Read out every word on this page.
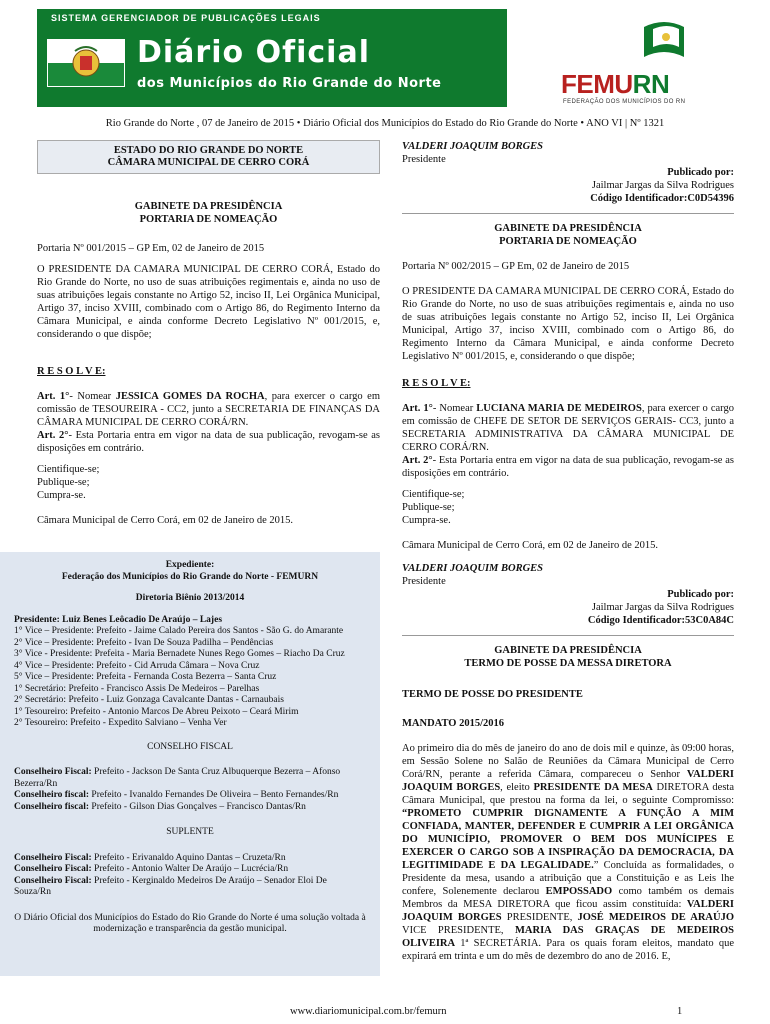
SISTEMA GERENCIADOR DE PUBLICAÇÕES LEGAIS
Diário Oficial
dos Municípios do Rio Grande do Norte	FEMURN
FEDERAÇÃO DOS MUNICÍPIOS DO RN
Rio Grande do Norte , 07 de Janeiro de 2015 • Diário Oficial dos Municípios do Estado do Rio Grande do Norte • ANO VI | Nº 1321
ESTADO DO RIO GRANDE DO NORTE
CÂMARA MUNICIPAL DE CERRO CORÁ
GABINETE DA PRESIDÊNCIA
PORTARIA DE NOMEAÇÃO

Portaria Nº 001/2015 – GP Em, 02 de Janeiro de 2015

O PRESIDENTE DA CAMARA MUNICIPAL DE CERRO CORÁ, Estado do Rio Grande do Norte, no uso de suas atribuições regimentais e, ainda no uso de suas atribuições legais constante no Artigo 52, inciso II, Lei Orgânica Municipal, Artigo 37, inciso XVIII, combinado com o Artigo 86, do Regimento Interno da Câmara Municipal, e ainda conforme Decreto Legislativo Nº 001/2015, e, considerando o que dispõe;

R E S O L V E:

Art. 1°- Nomear JESSICA GOMES DA ROCHA, para exercer o cargo em comissão de TESOUREIRA - CC2, junto a SECRETARIA DE FINANÇAS DA CÂMARA MUNICIPAL DE CERRO CORÁ/RN.

Art. 2°- Esta Portaria entra em vigor na data de sua publicação, revogam-se as disposições em contrário.

Cientifique-se;
Publique-se;
Cumpra-se.

Câmara Municipal de Cerro Corá, em 02 de Janeiro de 2015.

Expediente:
Federação dos Municípios do Rio Grande do Norte - FEMURN
Diretoria Biênio 2013/2014
Presidente: Luiz Benes Leôcadio De Araújo – Lajes
1° Vice – Presidente: Prefeito - Jaime Calado Pereira dos Santos - São G. do Amarante
2° Vice – Presidente: Prefeito - Ivan De Souza Padilha – Pendências
3° Vice - Presidente: Prefeita - Maria Bernadete Nunes Rego Gomes – Riacho Da Cruz
4° Vice – Presidente: Prefeito - Cid Arruda Câmara – Nova Cruz
5° Vice – Presidente: Prefeita - Fernanda Costa Bezerra – Santa Cruz
1° Secretário: Prefeito - Francisco Assis De Medeiros – Parelhas
2° Secretário: Prefeito - Luiz Gonzaga Cavalcante Dantas - Carnaubais
1° Tesoureiro: Prefeito - Antonio Marcos De Abreu Peixoto – Ceará Mirim
2° Tesoureiro: Prefeito - Expedito Salviano – Venha Ver
CONSELHO FISCAL
Conselheiro Fiscal: Prefeito - Jackson De Santa Cruz Albuquerque Bezerra – Afonso Bezerra/Rn
Conselheiro fiscal: Prefeito - Ivanaldo Fernandes De Oliveira – Bento Fernandes/Rn
Conselheiro fiscal: Prefeito - Gilson Dias Gonçalves – Francisco Dantas/Rn
SUPLENTE
Conselheiro Fiscal: Prefeito - Erivanaldo Aquino Dantas – Cruzeta/Rn
Conselheiro Fiscal: Prefeito - Antonio Walter De Araújo – Lucrécia/Rn
Conselheiro Fiscal: Prefeito - Kerginaldo Medeiros De Araújo – Senador Eloi De Souza/Rn
O Diário Oficial dos Municípios do Estado do Rio Grande do Norte é uma solução voltada à modernização e transparência da gestão municipal.
VALDERI JOAQUIM BORGES
Presidente
Publicado por:
Jailmar Jargas da Silva Rodrigues
Código Identificador:C0D54396
GABINETE DA PRESIDÊNCIA
PORTARIA DE NOMEAÇÃO

Portaria Nº 002/2015 – GP Em, 02 de Janeiro de 2015

O PRESIDENTE DA CAMARA MUNICIPAL DE CERRO CORÁ, Estado do Rio Grande do Norte, no uso de suas atribuições regimentais e, ainda no uso de suas atribuições legais constante no Artigo 52, inciso II, Lei Orgânica Municipal, Artigo 37, inciso XVIII, combinado com o Artigo 86, do Regimento Interno da Câmara Municipal, e ainda conforme Decreto Legislativo Nº 001/2015, e, considerando o que dispõe;

R E S O L V E:

Art. 1°- Nomear LUCIANA MARIA DE MEDEIROS, para exercer o cargo em comissão de CHEFE DE SETOR DE SERVIÇOS GERAIS- CC3, junto a SECRETARIA ADMINISTRATIVA DA CÂMARA MUNICIPAL DE CERRO CORÁ/RN.

Art. 2°- Esta Portaria entra em vigor na data de sua publicação, revogam-se as disposições em contrário.

Cientifique-se;
Publique-se;
Cumpra-se.

Câmara Municipal de Cerro Corá, em 02 de Janeiro de 2015.

VALDERI JOAQUIM BORGES
Presidente
Publicado por:
Jailmar Jargas da Silva Rodrigues
Código Identificador:53C0A84C
GABINETE DA PRESIDÊNCIA
TERMO DE POSSE DA MESSA DIRETORA

TERMO DE POSSE DO PRESIDENTE

MANDATO 2015/2016

Ao primeiro dia do mês de janeiro do ano de dois mil e quinze, às 09:00 horas, em Sessão Solene no Salão de Reuniões da Câmara Municipal de Cerro Corá/RN, perante a referida Câmara, compareceu o Senhor VALDERI JOAQUIM BORGES, eleito PRESIDENTE DA MESA DIRETORA desta Câmara Municipal, que prestou na forma da lei, o seguinte Compromisso: “PROMETO CUMPRIR DIGNAMENTE A FUNÇÃO A MIM CONFIADA, MANTER, DEFENDER E CUMPRIR A LEI ORGÂNICA DO MUNICÍPIO, PROMOVER O BEM DOS MUNÍCIPES E EXERCER O CARGO SOB A INSPIRAÇÃO DA DEMOCRACIA, DA LEGITIMIDADE E DA LEGALIDADE.” Concluída as formalidades, o Presidente da mesa, usando a atribuição que a Constituição e as Leis lhe confere, Solenemente declarou EMPOSSADO como também os demais Membros da MESA DIRETORA que ficou assim constituída: VALDERI JOAQUIM BORGES PRESIDENTE, JOSÉ MEDEIROS DE ARAÚJO VICE PRESIDENTE, MARIA DAS GRAÇAS DE MEDEIROS OLIVEIRA 1ª SECRETÁRIA. Para os quais foram eleitos, mandato que expirará em trinta e um do mês de dezembro do ano de 2016. E,

www.diariomunicipal.com.br/femurn	1
